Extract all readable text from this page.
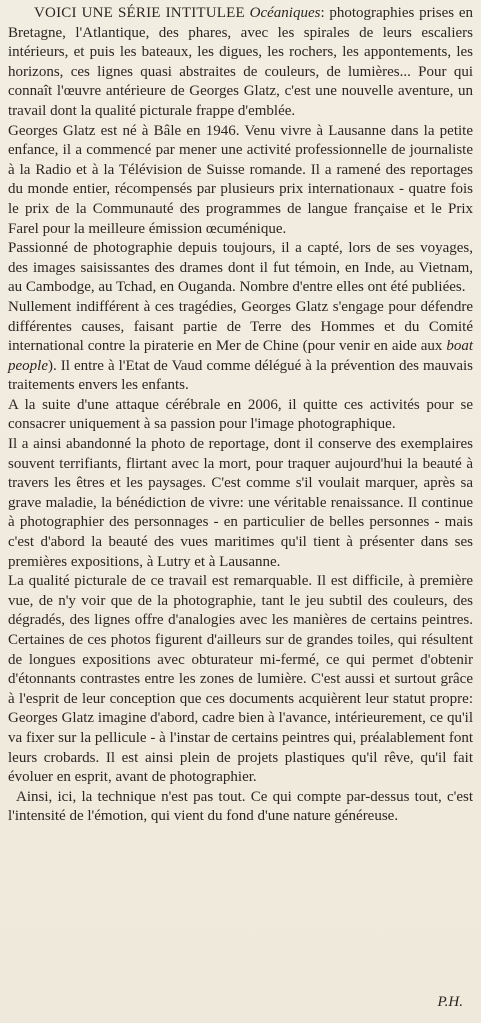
VOICI UNE SÉRIE INTITULEE Océaniques: photographies prises en Bretagne, l'Atlantique, des phares, avec les spirales de leurs escaliers intérieurs, et puis les bateaux, les digues, les rochers, les appontements, les horizons, ces lignes quasi abstraites de couleurs, de lumières... Pour qui connaît l'œuvre antérieure de Georges Glatz, c'est une nouvelle aventure, un travail dont la qualité picturale frappe d'emblée.

Georges Glatz est né à Bâle en 1946. Venu vivre à Lausanne dans la petite enfance, il a commencé par mener une activité professionnelle de journaliste à la Radio et à la Télévision de Suisse romande. Il a ramené des reportages du monde entier, récompensés par plusieurs prix internationaux - quatre fois le prix de la Communauté des programmes de langue française et le Prix Farel pour la meilleure émission œcuménique.

Passionné de photographie depuis toujours, il a capté, lors de ses voyages, des images saisissantes des drames dont il fut témoin, en Inde, au Vietnam, au Cambodge, au Tchad, en Ouganda. Nombre d'entre elles ont été publiées.

Nullement indifférent à ces tragédies, Georges Glatz s'engage pour défendre différentes causes, faisant partie de Terre des Hommes et du Comité international contre la piraterie en Mer de Chine (pour venir en aide aux boat people). Il entre à l'Etat de Vaud comme délégué à la prévention des mauvais traitements envers les enfants.

A la suite d'une attaque cérébrale en 2006, il quitte ces activités pour se consacrer uniquement à sa passion pour l'image photographique.

Il a ainsi abandonné la photo de reportage, dont il conserve des exemplaires souvent terrifiants, flirtant avec la mort, pour traquer aujourd'hui la beauté à travers les êtres et les paysages. C'est comme s'il voulait marquer, après sa grave maladie, la bénédiction de vivre: une véritable renaissance. Il continue à photographier des personnages - en particulier de belles personnes - mais c'est d'abord la beauté des vues maritimes qu'il tient à présenter dans ses premières expositions, à Lutry et à Lausanne.

La qualité picturale de ce travail est remarquable. Il est difficile, à première vue, de n'y voir que de la photographie, tant le jeu subtil des couleurs, des dégradés, des lignes offre d'analogies avec les manières de certains peintres. Certaines de ces photos figurent d'ailleurs sur de grandes toiles, qui résultent de longues expositions avec obturateur mi-fermé, ce qui permet d'obtenir d'étonnants contrastes entre les zones de lumière. C'est aussi et surtout grâce à l'esprit de leur conception que ces documents acquièrent leur statut propre: Georges Glatz imagine d'abord, cadre bien à l'avance, intérieurement, ce qu'il va fixer sur la pellicule - à l'instar de certains peintres qui, préalablement font leurs crobards. Il est ainsi plein de projets plastiques qu'il rêve, qu'il fait évoluer en esprit, avant de photographier.

Ainsi, ici, la technique n'est pas tout. Ce qui compte par-dessus tout, c'est l'intensité de l'émotion, qui vient du fond d'une nature généreuse.

P.H.
